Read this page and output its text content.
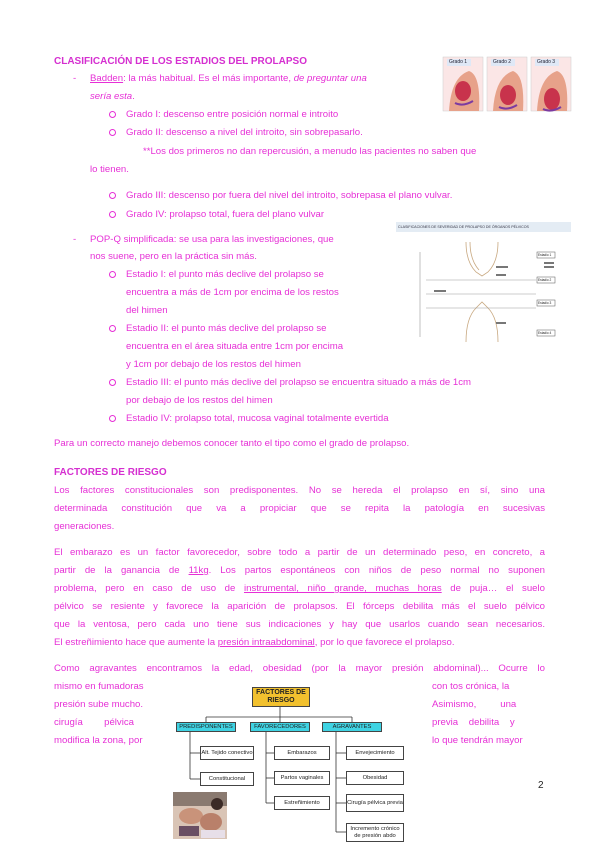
CLASIFICACIÓN DE LOS ESTADIOS DEL PROLAPSO
- Badden: la más habitual. Es el más importante, de preguntar una
sería esta.
Grado I: descenso entre posición normal e introito
Grado II: descenso a nivel del introito, sin sobrepasarlo.
**Los dos primeros no dan repercusión, a menudo las pacientes no saben que
lo tienen.
Grado III: descenso por fuera del nivel del introito, sobrepasa el plano vulvar.
Grado IV: prolapso total, fuera del plano vulvar
- POP-Q simplificada: se usa para las investigaciones, que
nos suene, pero en la práctica sin más.
Estadio I: el punto más declive del prolapso se
encuentra a más de 1cm por encima de los restos
del himen
Estadio II: el punto más declive del prolapso se
encuentra en el área situada entre 1cm por encima
y 1cm por debajo de los restos del himen
Estadio III: el punto más declive del prolapso se encuentra situado a más de 1cm
por debajo de los restos del himen
Estadio IV: prolapso total, mucosa vaginal totalmente evertida
Para un correcto manejo debemos conocer tanto el tipo como el grado de prolapso.
Grado 1	Grado 2	Grado 3
CLASIFICACIONES DE SEVERIDAD DE PROLAPSO DE ÓRGANOS PÉLVICOS
Estadio 1
Estadio 2
Estadio 3
Estadio 4
FACTORES DE RIESGO
Los factores constitucionales son predisponentes. No se hereda el prolapso en sí, sino una
determinada constitución que va a propiciar que se repita la patología en sucesivas
generaciones.
El embarazo es un factor favorecedor, sobre todo a partir de un determinado peso, en concreto, a
partir de la ganancia de 11kg. Los partos espontáneos con niños de peso normal no suponen
problema, pero en caso de uso de instrumental, niño grande, muchas horas de puja… el suelo
pélvico se resiente y favorece la aparición de prolapsos. El fórceps debilita más el suelo pélvico
que la ventosa, pero cada uno tiene sus indicaciones y hay que usarlos cuando sean necesarios.
El estreñimiento hace que aumente la presión intraabdominal, por lo que favorece el prolapso.
Como agravantes encontramos la edad, obesidad (por la mayor presión abdominal)... Ocurre lo
mismo en fumadoras
presión sube mucho.
cirugía        pélvica
modifica la zona, por
con tos crónica, la
Asimismo,         una
previa    debilita    y
lo que tendrán mayor
FACTORES DE RIESGO
PREDISPONENTES	FAVORECEDORES	AGRAVANTES
Alt. Tejido conectivo
Constitucional
Embarazos
Partos vaginales
Estreñimiento
Envejecimiento
Obesidad
Cirugía pélvica previa
Incremento crónico de presión abdo
2
